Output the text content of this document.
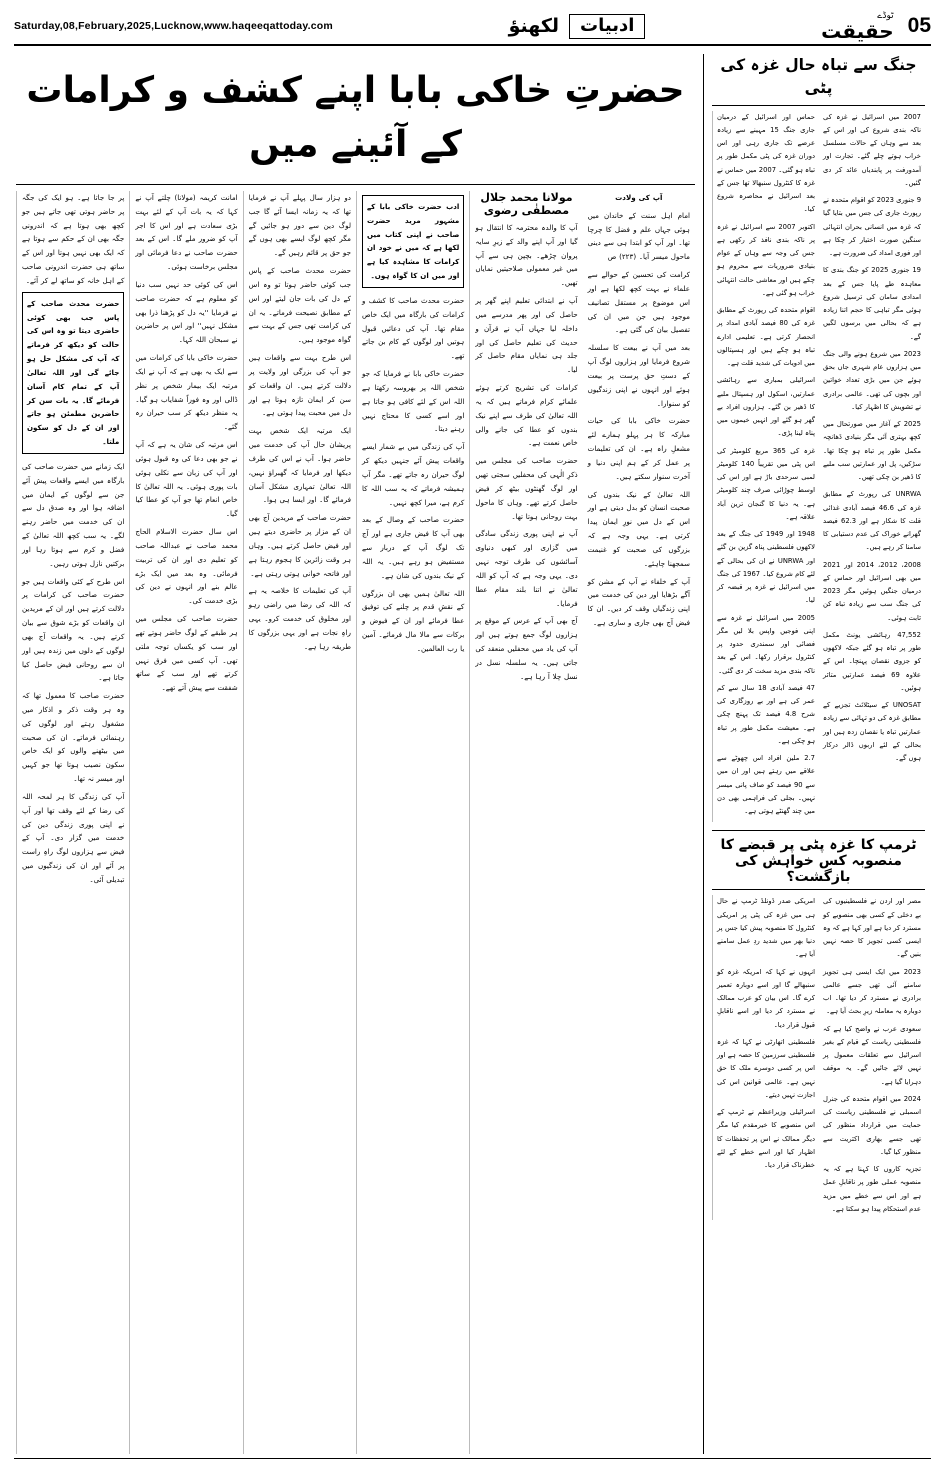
Saturday,08,February,2025,Lucknow,www.haqeeqattoday.com	ادبیات
لکھنؤ	ٹوڈے
حقیقت 05
جنگ سے تباہ حال غزہ کی پٹی

حماس اور اسرائیل کے درمیان جاری جنگ 15 مہینے سے زیادہ عرصے تک جاری رہی اور اس دوران غزہ کی پٹی مکمل طور پر تباہ ہو گئی۔ 2007 میں حماس نے غزہ کا کنٹرول سنبھالا تھا جس کے بعد اسرائیل نے محاصرہ شروع کیا۔

اکتوبر 2007 سے اسرائیل نے غزہ پر ناکہ بندی نافذ کر رکھی ہے جس کی وجہ سے وہاں کے عوام بنیادی ضروریات سے محروم ہو چکے ہیں اور معاشی حالت انتہائی خراب ہو گئی ہے۔

اقوام متحدہ کی رپورٹ کے مطابق غزہ کی 80 فیصد آبادی امداد پر انحصار کرتی ہے۔ تعلیمی ادارے تباہ ہو چکے ہیں اور ہسپتالوں میں ادویات کی شدید قلت ہے۔

اسرائیلی بمباری سے رہائشی عمارتیں، اسکول اور ہسپتال ملبے کا ڈھیر بن گئے۔ ہزاروں افراد بے گھر ہو گئے اور انہیں خیموں میں پناہ لینا پڑی۔

غزہ کی 365 مربع کلومیٹر کی اس پٹی میں تقریباً 140 کلومیٹر لمبی سرحدی باڑ ہے اور اس کی اوسط چوڑائی صرف چند کلومیٹر ہے۔ یہ دنیا کا گنجان ترین آباد علاقہ ہے۔

1948 اور 1949 کی جنگ کے بعد لاکھوں فلسطینی پناہ گزین بن گئے اور UNRWA نے ان کی بحالی کے لئے کام شروع کیا۔ 1967 کی جنگ میں اسرائیل نے غزہ پر قبضہ کر لیا۔

2005 میں اسرائیل نے غزہ سے اپنی فوجیں واپس بلا لیں مگر فضائی اور سمندری حدود پر کنٹرول برقرار رکھا۔ اس کے بعد ناکہ بندی مزید سخت کر دی گئی۔

47 فیصد آبادی 18 سال سے کم عمر کی ہے اور بے روزگاری کی شرح 4.8 فیصد تک پہنچ چکی ہے۔ معیشت مکمل طور پر تباہ ہو چکی ہے۔

2.7 ملین افراد اس چھوٹے سے علاقے میں رہتے ہیں اور ان میں سے 90 فیصد کو صاف پانی میسر نہیں۔ بجلی کی فراہمی بھی دن میں چند گھنٹے ہوتی ہے۔

2007 میں اسرائیل نے غزہ کی ناکہ بندی شروع کی اور اس کے بعد سے وہاں کے حالات مسلسل خراب ہوتے چلے گئے۔ تجارت اور آمدورفت پر پابندیاں عائد کر دی گئیں۔

9 جنوری 2023 کو اقوام متحدہ نے رپورٹ جاری کی جس میں بتایا گیا کہ غزہ میں انسانی بحران انتہائی سنگین صورت اختیار کر چکا ہے اور فوری امداد کی ضرورت ہے۔

19 جنوری 2025 کو جنگ بندی کا معاہدہ طے پایا جس کے بعد امدادی سامان کی ترسیل شروع ہوئی مگر تباہی کا حجم اتنا زیادہ ہے کہ بحالی میں برسوں لگیں گے۔

2023 میں شروع ہونے والی جنگ میں ہزاروں عام شہری جاں بحق ہوئے جن میں بڑی تعداد خواتین اور بچوں کی تھی۔ عالمی برادری نے تشویش کا اظہار کیا۔

2025 کے آغاز میں صورتحال میں کچھ بہتری آئی مگر بنیادی ڈھانچہ مکمل طور پر تباہ ہو چکا تھا۔ سڑکیں، پل اور عمارتیں سب ملبے کا ڈھیر بن چکی تھیں۔

UNRWA کی رپورٹ کے مطابق غزہ کی 46.6 فیصد آبادی غذائی قلت کا شکار ہے اور 62.3 فیصد گھرانے خوراک کی عدم دستیابی کا سامنا کر رہے ہیں۔

2008، 2012، 2014 اور 2021 میں بھی اسرائیل اور حماس کے درمیان جنگیں ہوئیں مگر 2023 کی جنگ سب سے زیادہ تباہ کن ثابت ہوئی۔

47,552 رہائشی یونٹ مکمل طور پر تباہ ہو گئے جبکہ لاکھوں کو جزوی نقصان پہنچا۔ اس کے علاوہ 69 فیصد عمارتیں متاثر ہوئیں۔

UNOSAT کے سیٹلائٹ تجزیے کے مطابق غزہ کی دو تہائی سے زیادہ عمارتیں تباہ یا نقصان زدہ ہیں اور بحالی کے لئے اربوں ڈالر درکار ہوں گے۔

ٹرمپ کا غزہ پٹی پر قبضے کا منصوبہ کس خواہش کی بازگشت؟

امریکی صدر ڈونلڈ ٹرمپ نے حال ہی میں غزہ کی پٹی پر امریکی کنٹرول کا منصوبہ پیش کیا جس پر دنیا بھر میں شدید ردِ عمل سامنے آیا ہے۔

انہوں نے کہا کہ امریکہ غزہ کو سنبھالے گا اور اسے دوبارہ تعمیر کرے گا۔ اس بیان کو عرب ممالک نے مسترد کر دیا اور اسے ناقابلِ قبول قرار دیا۔

فلسطینی اتھارٹی نے کہا کہ غزہ فلسطینی سرزمین کا حصہ ہے اور اس پر کسی دوسرے ملک کا حق نہیں ہے۔ عالمی قوانین اس کی اجازت نہیں دیتے۔

اسرائیلی وزیراعظم نے ٹرمپ کے اس منصوبے کا خیرمقدم کیا مگر دیگر ممالک نے اس پر تحفظات کا اظہار کیا اور اسے خطے کے لئے خطرناک قرار دیا۔

مصر اور اردن نے فلسطینیوں کی بے دخلی کے کسی بھی منصوبے کو مسترد کر دیا ہے اور کہا ہے کہ وہ ایسی کسی تجویز کا حصہ نہیں بنیں گے۔

2023 میں ایک ایسی ہی تجویز سامنے آئی تھی جسے عالمی برادری نے مسترد کر دیا تھا۔ اب دوبارہ یہ معاملہ زیرِ بحث آیا ہے۔

سعودی عرب نے واضح کیا ہے کہ فلسطینی ریاست کے قیام کے بغیر اسرائیل سے تعلقات معمول پر نہیں لائے جائیں گے۔ یہ موقف دہرایا گیا ہے۔

2024 میں اقوام متحدہ کی جنرل اسمبلی نے فلسطینی ریاست کی حمایت میں قرارداد منظور کی تھی جسے بھاری اکثریت سے منظور کیا گیا۔

تجزیہ کاروں کا کہنا ہے کہ یہ منصوبہ عملی طور پر ناقابلِ عمل ہے اور اس سے خطے میں مزید عدم استحکام پیدا ہو سکتا ہے۔

حضرتِ خاکی بابا اپنے کشف و کرامات کے آئینے میں

پر جا جاتا ہے۔ ہو ایک کی جگہ پر حاضر ہوتی تھی جاتے ہیں جو کچھ بھی ہوتا ہے کہ اندرونی جگہ بھی ان کے حکم سے ہوتا ہے کہ ایک بھی نہیں ہوتا اور اس کے ساتھ ہی حضرت اندرونی صاحب کے اہل خانہ کو ساتھ لے کر آئے۔

حضرت محدث صاحب کے پاس جب بھی کوئی حاضری دیتا تو وہ اس کی حالت کو دیکھ کر فرماتے کہ آپ کی مشکل حل ہو جائے گی اور اللہ تعالیٰ آپ کے تمام کام آسان فرمائے گا۔ یہ بات سن کر حاضرین مطمئن ہو جاتے اور ان کے دل کو سکون ملتا۔

ایک زمانے میں حضرت صاحب کی بارگاہ میں ایسے واقعات پیش آئے جن سے لوگوں کے ایمان میں اضافہ ہوا اور وہ صدق دل سے ان کی خدمت میں حاضر رہنے لگے۔ یہ سب کچھ اللہ تعالیٰ کے فضل و کرم سے ہوتا رہا اور برکتیں نازل ہوتی رہیں۔

اس طرح کے کئی واقعات ہیں جو حضرت صاحب کی کرامات پر دلالت کرتے ہیں اور ان کے مریدین ان واقعات کو بڑے شوق سے بیان کرتے ہیں۔ یہ واقعات آج بھی لوگوں کے دلوں میں زندہ ہیں اور ان سے روحانی فیض حاصل کیا جاتا ہے۔

حضرت صاحب کا معمول تھا کہ وہ ہر وقت ذکر و اذکار میں مشغول رہتے اور لوگوں کی رہنمائی فرماتے۔ ان کی صحبت میں بیٹھنے والوں کو ایک خاص سکون نصیب ہوتا تھا جو کہیں اور میسر نہ تھا۔

آپ کی زندگی کا ہر لمحہ اللہ کی رضا کے لئے وقف تھا اور آپ نے اپنی پوری زندگی دین کی خدمت میں گزار دی۔ آپ کے فیض سے ہزاروں لوگ راہِ راست پر آئے اور ان کی زندگیوں میں تبدیلی آئی۔

امانت کریمہ (مولانا) چلتے آپ نے کہا کہ یہ بات آپ کے لئے بہت بڑی سعادت ہے اور اس کا اجر آپ کو ضرور ملے گا۔ اس کے بعد حضرت صاحب نے دعا فرمائی اور مجلس برخاست ہوئی۔

اس کی کوئی حد نہیں سب دنیا کو معلوم ہے کہ حضرت صاحب نے فرمایا ''یہ دل کو پڑھنا ذرا بھی مشکل نہیں'' اور اس پر حاضرین نے سبحان اللہ کہا۔

حضرت خاکی بابا کی کرامات میں سے ایک یہ بھی ہے کہ آپ نے ایک مرتبہ ایک بیمار شخص پر نظر ڈالی اور وہ فوراً شفایاب ہو گیا۔ یہ منظر دیکھ کر سب حیران رہ گئے۔

اس مرتبہ کی شان یہ ہے کہ آپ نے جو بھی دعا کی وہ قبول ہوئی اور آپ کی زبان سے نکلی ہوئی بات پوری ہوئی۔ یہ اللہ تعالیٰ کا خاص انعام تھا جو آپ کو عطا کیا گیا۔

اس سال حضرت الاسلام الحاج محمد صاحب نے عبداللہ صاحب کو تعلیم دی اور ان کی تربیت فرمائی۔ وہ بعد میں ایک بڑے عالم بنے اور انہوں نے دین کی بڑی خدمت کی۔

حضرت صاحب کی مجلس میں ہر طبقے کے لوگ حاضر ہوتے تھے اور سب کو یکساں توجہ ملتی تھی۔ آپ کسی میں فرق نہیں کرتے تھے اور سب کے ساتھ شفقت سے پیش آتے تھے۔

دو ہزار سال پہلے آپ نے فرمایا تھا کہ یہ زمانہ ایسا آئے گا جب لوگ دین سے دور ہو جائیں گے مگر کچھ لوگ ایسے بھی ہوں گے جو حق پر قائم رہیں گے۔

حضرت محدث صاحب کے پاس جب کوئی حاضر ہوتا تو وہ اس کے دل کی بات جان لیتے اور اس کے مطابق نصیحت فرماتے۔ یہ ان کی کرامت تھی جس کے بہت سے گواہ موجود ہیں۔

اس طرح بہت سے واقعات ہیں جو آپ کی بزرگی اور ولایت پر دلالت کرتے ہیں۔ ان واقعات کو سن کر ایمان تازہ ہوتا ہے اور دل میں محبت پیدا ہوتی ہے۔

ایک مرتبہ ایک شخص بہت پریشان حال آپ کی خدمت میں حاضر ہوا۔ آپ نے اس کی طرف دیکھا اور فرمایا کہ گھبراؤ نہیں، اللہ تعالیٰ تمہاری مشکل آسان فرمائے گا۔ اور ایسا ہی ہوا۔

حضرت صاحب کے مریدین آج بھی ان کے مزار پر حاضری دیتے ہیں اور فیض حاصل کرتے ہیں۔ وہاں ہر وقت زائرین کا ہجوم رہتا ہے اور فاتحہ خوانی ہوتی رہتی ہے۔

آپ کی تعلیمات کا خلاصہ یہ ہے کہ اللہ کی رضا میں راضی رہو اور مخلوق کی خدمت کرو۔ یہی راہِ نجات ہے اور یہی بزرگوں کا طریقہ رہا ہے۔

ادب حضرت خاکی بابا کے مشہور مرید حضرت صاحب نے اپنی کتاب میں لکھا ہے کہ میں نے خود ان کرامات کا مشاہدہ کیا ہے اور میں ان کا گواہ ہوں۔

حضرت محدث صاحب کا کشف و کرامات کی بارگاہ میں ایک خاص مقام تھا۔ آپ کی دعائیں قبول ہوتیں اور لوگوں کے کام بن جاتے تھے۔

حضرت خاکی بابا نے فرمایا کہ جو شخص اللہ پر بھروسہ رکھتا ہے اللہ اس کے لئے کافی ہو جاتا ہے اور اسے کسی کا محتاج نہیں رہنے دیتا۔

آپ کی زندگی میں بے شمار ایسے واقعات پیش آئے جنہیں دیکھ کر لوگ حیران رہ جاتے تھے۔ مگر آپ ہمیشہ فرماتے کہ یہ سب اللہ کا کرم ہے، میرا کچھ نہیں۔

حضرت صاحب کے وصال کے بعد بھی آپ کا فیض جاری ہے اور آج تک لوگ آپ کے دربار سے مستفیض ہو رہے ہیں۔ یہ اللہ کے نیک بندوں کی شان ہے۔

اللہ تعالیٰ ہمیں بھی ان بزرگوں کے نقشِ قدم پر چلنے کی توفیق عطا فرمائے اور ان کے فیوض و برکات سے مالا مال فرمائے۔ آمین یا رب العالمین۔

مولانا محمد جلال مصطفٰی رضوی

آپ کا والدہ محترمہ کا انتقال ہو گیا اور آپ اپنے والد کے زیرِ سایہ پروان چڑھے۔ بچپن ہی سے آپ میں غیر معمولی صلاحیتیں نمایاں تھیں۔

آپ نے ابتدائی تعلیم اپنے گھر پر حاصل کی اور پھر مدرسے میں داخلہ لیا جہاں آپ نے قرآن و حدیث کی تعلیم حاصل کی اور جلد ہی نمایاں مقام حاصل کر لیا۔

کرامات کی تشریح کرتے ہوئے علمائے کرام فرماتے ہیں کہ یہ اللہ تعالیٰ کی طرف سے اپنے نیک بندوں کو عطا کی جانے والی خاص نعمت ہے۔

حضرت صاحب کی مجلس میں ذکرِ الٰہی کی محفلیں سجتی تھیں اور لوگ گھنٹوں بیٹھ کر فیض حاصل کرتے تھے۔ وہاں کا ماحول بہت روحانی ہوتا تھا۔

آپ نے اپنی پوری زندگی سادگی میں گزاری اور کبھی دنیاوی آسائشوں کی طرف توجہ نہیں دی۔ یہی وجہ ہے کہ آپ کو اللہ تعالیٰ نے اتنا بلند مقام عطا فرمایا۔

آج بھی آپ کے عرس کے موقع پر ہزاروں لوگ جمع ہوتے ہیں اور آپ کی یاد میں محفلیں منعقد کی جاتی ہیں۔ یہ سلسلہ نسل در نسل چلا آ رہا ہے۔

آپ کی ولادت

امام اہل سنت کے خاندان میں ہوئی جہاں علم و فضل کا چرچا تھا۔ اور آپ کو ابتدا ہی سے دینی ماحول میسر آیا۔ (۲۲۳) ص

کرامت کی تحسین کے حوالے سے علماء نے بہت کچھ لکھا ہے اور اس موضوع پر مستقل تصانیف موجود ہیں جن میں ان کی تفصیل بیان کی گئی ہے۔

بعد میں آپ نے بیعت کا سلسلہ شروع فرمایا اور ہزاروں لوگ آپ کے دستِ حق پرست پر بیعت ہوئے اور انہوں نے اپنی زندگیوں کو سنوارا۔

حضرت خاکی بابا کی حیات مبارکہ کا ہر پہلو ہمارے لئے مشعلِ راہ ہے۔ ان کی تعلیمات پر عمل کر کے ہم اپنی دنیا و آخرت سنوار سکتے ہیں۔

اللہ تعالیٰ کے نیک بندوں کی صحبت انسان کو بدل دیتی ہے اور اس کے دل میں نورِ ایمان پیدا کرتی ہے۔ یہی وجہ ہے کہ بزرگوں کی صحبت کو غنیمت سمجھنا چاہئے۔

آپ کے خلفاء نے آپ کے مشن کو آگے بڑھایا اور دین کی خدمت میں اپنی زندگیاں وقف کر دیں۔ ان کا فیض آج بھی جاری و ساری ہے۔
